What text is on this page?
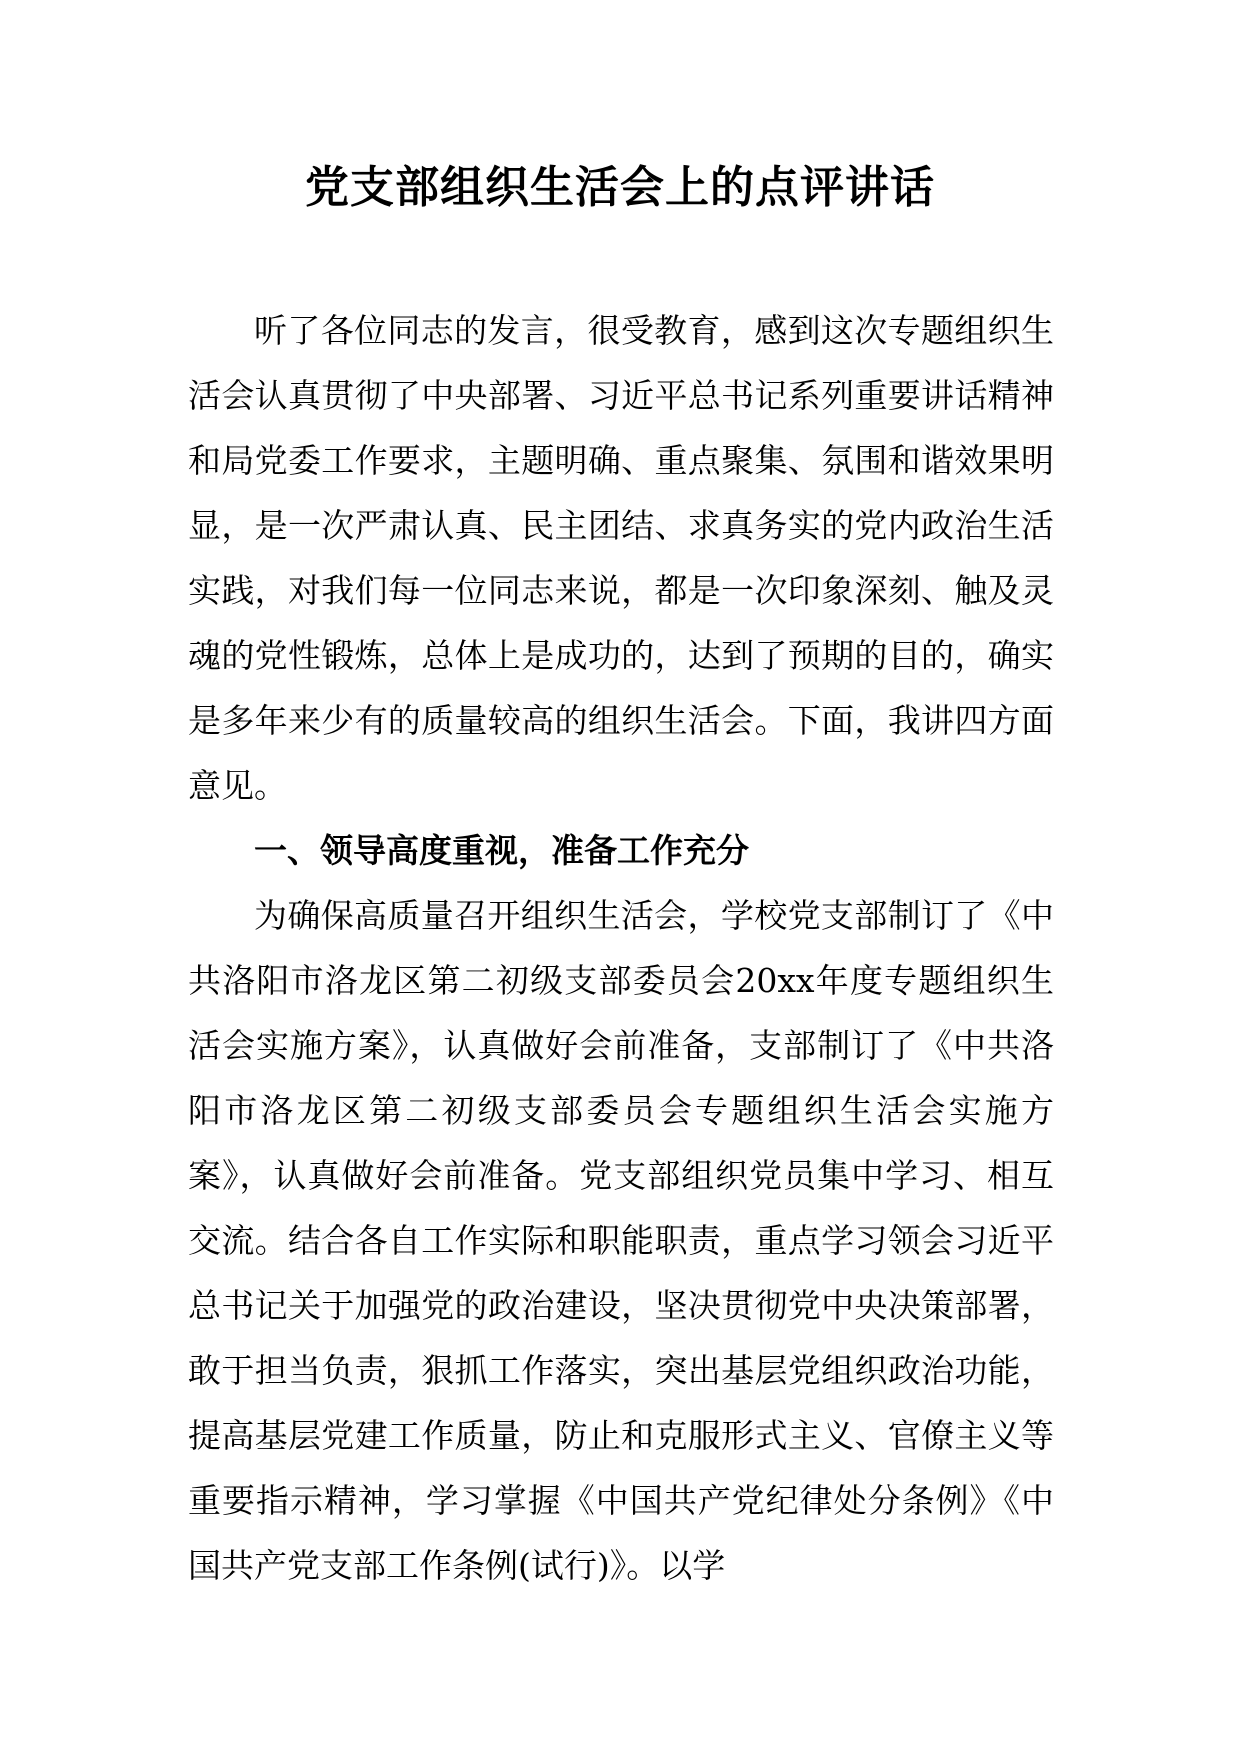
党支部组织生活会上的点评讲话

听了各位同志的发言，很受教育，感到这次专题组织生活会认真贯彻了中央部署、习近平总书记系列重要讲话精神和局党委工作要求，主题明确、重点聚集、氛围和谐效果明显，是一次严肃认真、民主团结、求真务实的党内政治生活实践，对我们每一位同志来说，都是一次印象深刻、触及灵魂的党性锻炼，总体上是成功的，达到了预期的目的，确实是多年来少有的质量较高的组织生活会。下面，我讲四方面意见。

一、领导高度重视，准备工作充分

为确保高质量召开组织生活会，学校党支部制订了《中共洛阳市洛龙区第二初级支部委员会20xx年度专题组织生活会实施方案》，认真做好会前准备，支部制订了《中共洛阳市洛龙区第二初级支部委员会专题组织生活会实施方案》，认真做好会前准备。党支部组织党员集中学习、相互交流。结合各自工作实际和职能职责，重点学习领会习近平总书记关于加强党的政治建设，坚决贯彻党中央决策部署，敢于担当负责，狠抓工作落实，突出基层党组织政治功能，提高基层党建工作质量，防止和克服形式主义、官僚主义等重要指示精神，学习掌握《中国共产党纪律处分条例》《中国共产党支部工作条例(试行)》。以学
